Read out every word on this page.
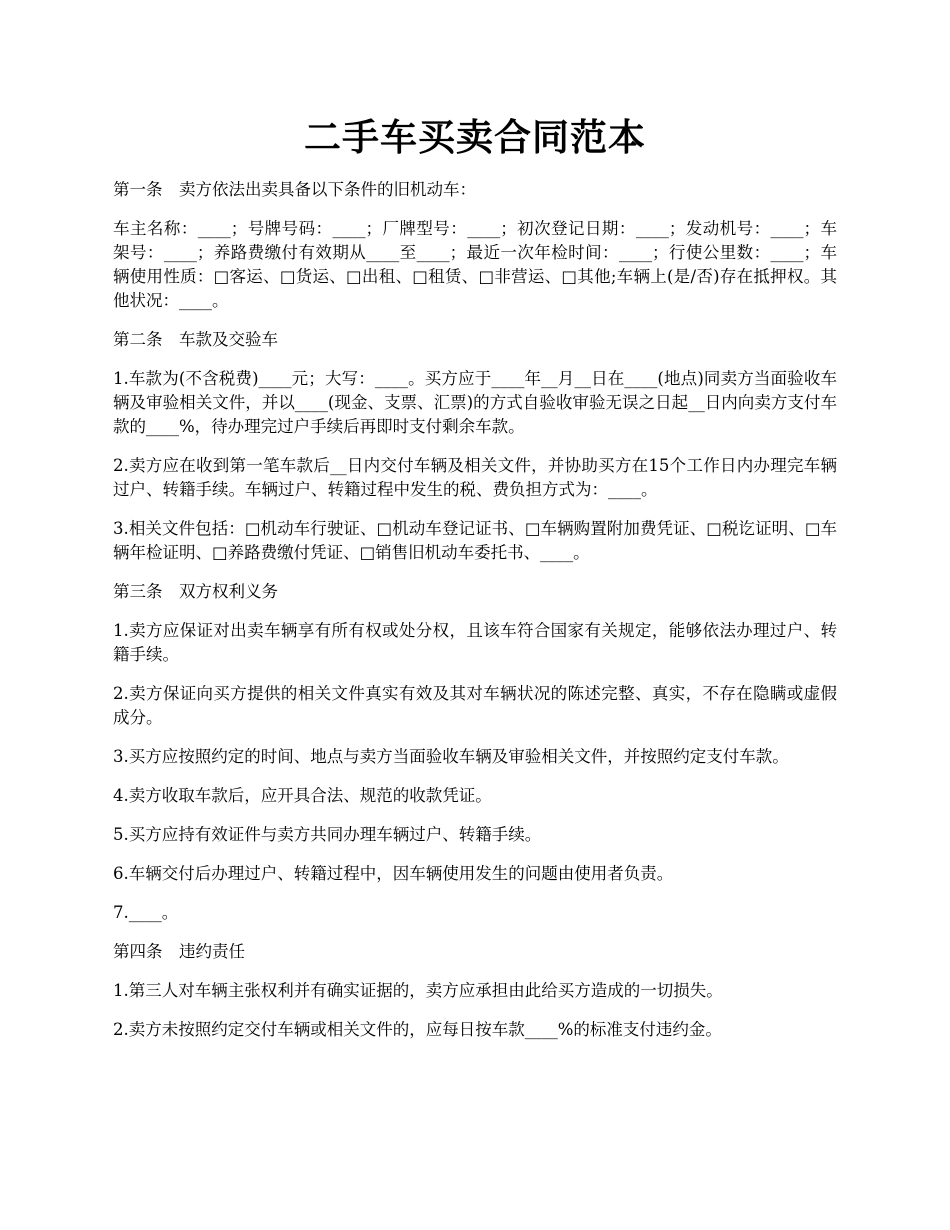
二手车买卖合同范本

第一条　卖方依法出卖具备以下条件的旧机动车：

车主名称：____；号牌号码：____；厂牌型号：____；初次登记日期：____；发动机号：____；车架号：____；养路费缴付有效期从____至____；最近一次年检时间：____；行使公里数：____；车辆使用性质：□客运、□货运、□出租、□租赁、□非营运、□其他;车辆上(是/否)存在抵押权。其他状况：____。

第二条　车款及交验车

1.车款为(不含税费)____元；大写：____。买方应于____年__月__日在____(地点)同卖方当面验收车辆及审验相关文件，并以____(现金、支票、汇票)的方式自验收审验无误之日起__日内向卖方支付车款的____%，待办理完过户手续后再即时支付剩余车款。

2.卖方应在收到第一笔车款后__日内交付车辆及相关文件，并协助买方在15个工作日内办理完车辆过户、转籍手续。车辆过户、转籍过程中发生的税、费负担方式为：____。

3.相关文件包括：□机动车行驶证、□机动车登记证书、□车辆购置附加费凭证、□税讫证明、□车辆年检证明、□养路费缴付凭证、□销售旧机动车委托书、____。

第三条　双方权利义务

1.卖方应保证对出卖车辆享有所有权或处分权，且该车符合国家有关规定，能够依法办理过户、转籍手续。

2.卖方保证向买方提供的相关文件真实有效及其对车辆状况的陈述完整、真实，不存在隐瞒或虚假成分。

3.买方应按照约定的时间、地点与卖方当面验收车辆及审验相关文件，并按照约定支付车款。

4.卖方收取车款后，应开具合法、规范的收款凭证。

5.买方应持有效证件与卖方共同办理车辆过户、转籍手续。

6.车辆交付后办理过户、转籍过程中，因车辆使用发生的问题由使用者负责。

7.____。

第四条　违约责任

1.第三人对车辆主张权利并有确实证据的，卖方应承担由此给买方造成的一切损失。

2.卖方未按照约定交付车辆或相关文件的，应每日按车款____%的标准支付违约金。
